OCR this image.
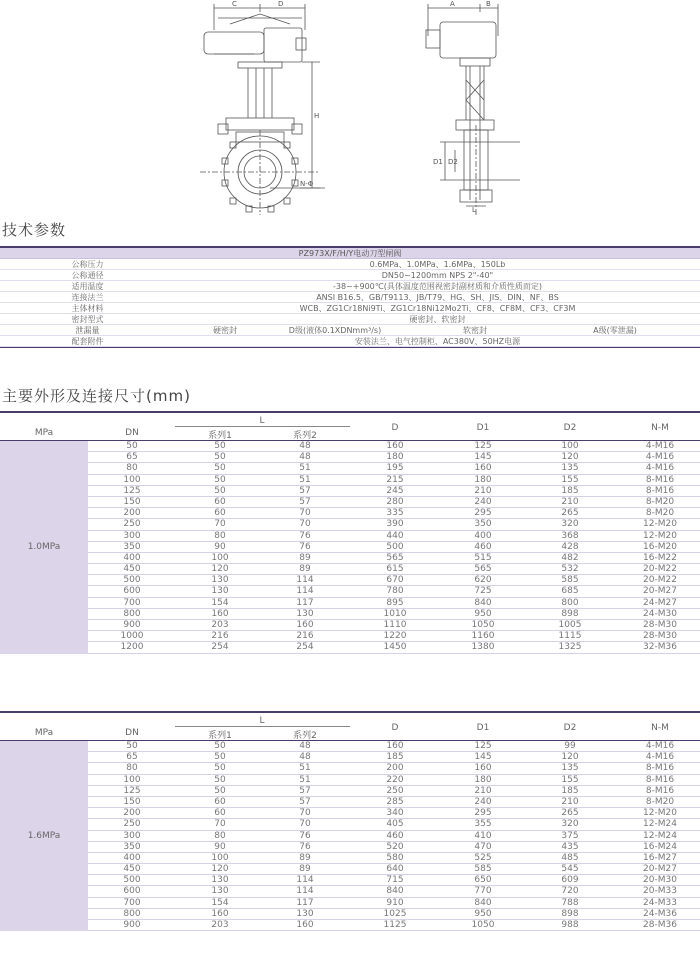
C	D
H
N-Φ
A	B
D1 D2
L
技术参数
PZ973X/F/H/Y电动刀型闸阀
公称压力	0.6MPa、1.0MPa、1.6MPa、150Lb
公称通径	DN50~1200mm NPS 2"-40"
适用温度	-38~+900℃(具体温度范围视密封副材质和介质性质而定)
连接法兰	ANSI B16.5、GB/T9113、JB/T79、HG、SH、JIS、DIN、NF、BS
主体材料	WCB、ZG1Cr18Ni9Ti、ZG1Cr18Ni12Mo2Ti、CF8、CF8M、CF3、CF3M
密封型式	硬密封、软密封
泄漏量	硬密封	D级(液体0.1XDNmm³/s)	软密封	A级(零泄漏)
配套附件	安装法兰、电气控制柜、AC380V、50HZ电源
主要外形及连接尺寸(mm)
MPa	DN
L
系列1	系列2
D	D1	D2	N-M
1.0MPa
50	50	48	160	125	100	4-M16
65	50	48	180	145	120	4-M16
80	50	51	195	160	135	4-M16
100	50	51	215	180	155	8-M16
125	50	57	245	210	185	8-M16
150	60	57	280	240	210	8-M20
200	60	70	335	295	265	8-M20
250	70	70	390	350	320	12-M20
300	80	76	440	400	368	12-M20
350	90	76	500	460	428	16-M20
400	100	89	565	515	482	16-M22
450	120	89	615	565	532	20-M22
500	130	114	670	620	585	20-M22
600	130	114	780	725	685	20-M27
700	154	117	895	840	800	24-M27
800	160	130	1010	950	898	24-M30
900	203	160	1110	1050	1005	28-M30
1000	216	216	1220	1160	1115	28-M30
1200	254	254	1450	1380	1325	32-M36
MPa	DN
L
系列1	系列2
D	D1	D2	N-M
1.6MPa
50	50	48	160	125	99	4-M16
65	50	48	185	145	120	4-M16
80	50	51	200	160	135	8-M16
100	50	51	220	180	155	8-M16
125	50	57	250	210	185	8-M16
150	60	57	285	240	210	8-M20
200	60	70	340	295	265	12-M20
250	70	70	405	355	320	12-M24
300	80	76	460	410	375	12-M24
350	90	76	520	470	435	16-M24
400	100	89	580	525	485	16-M27
450	120	89	640	585	545	20-M27
500	130	114	715	650	609	20-M30
600	130	114	840	770	720	20-M33
700	154	117	910	840	788	24-M33
800	160	130	1025	950	898	24-M36
900	203	160	1125	1050	988	28-M36
